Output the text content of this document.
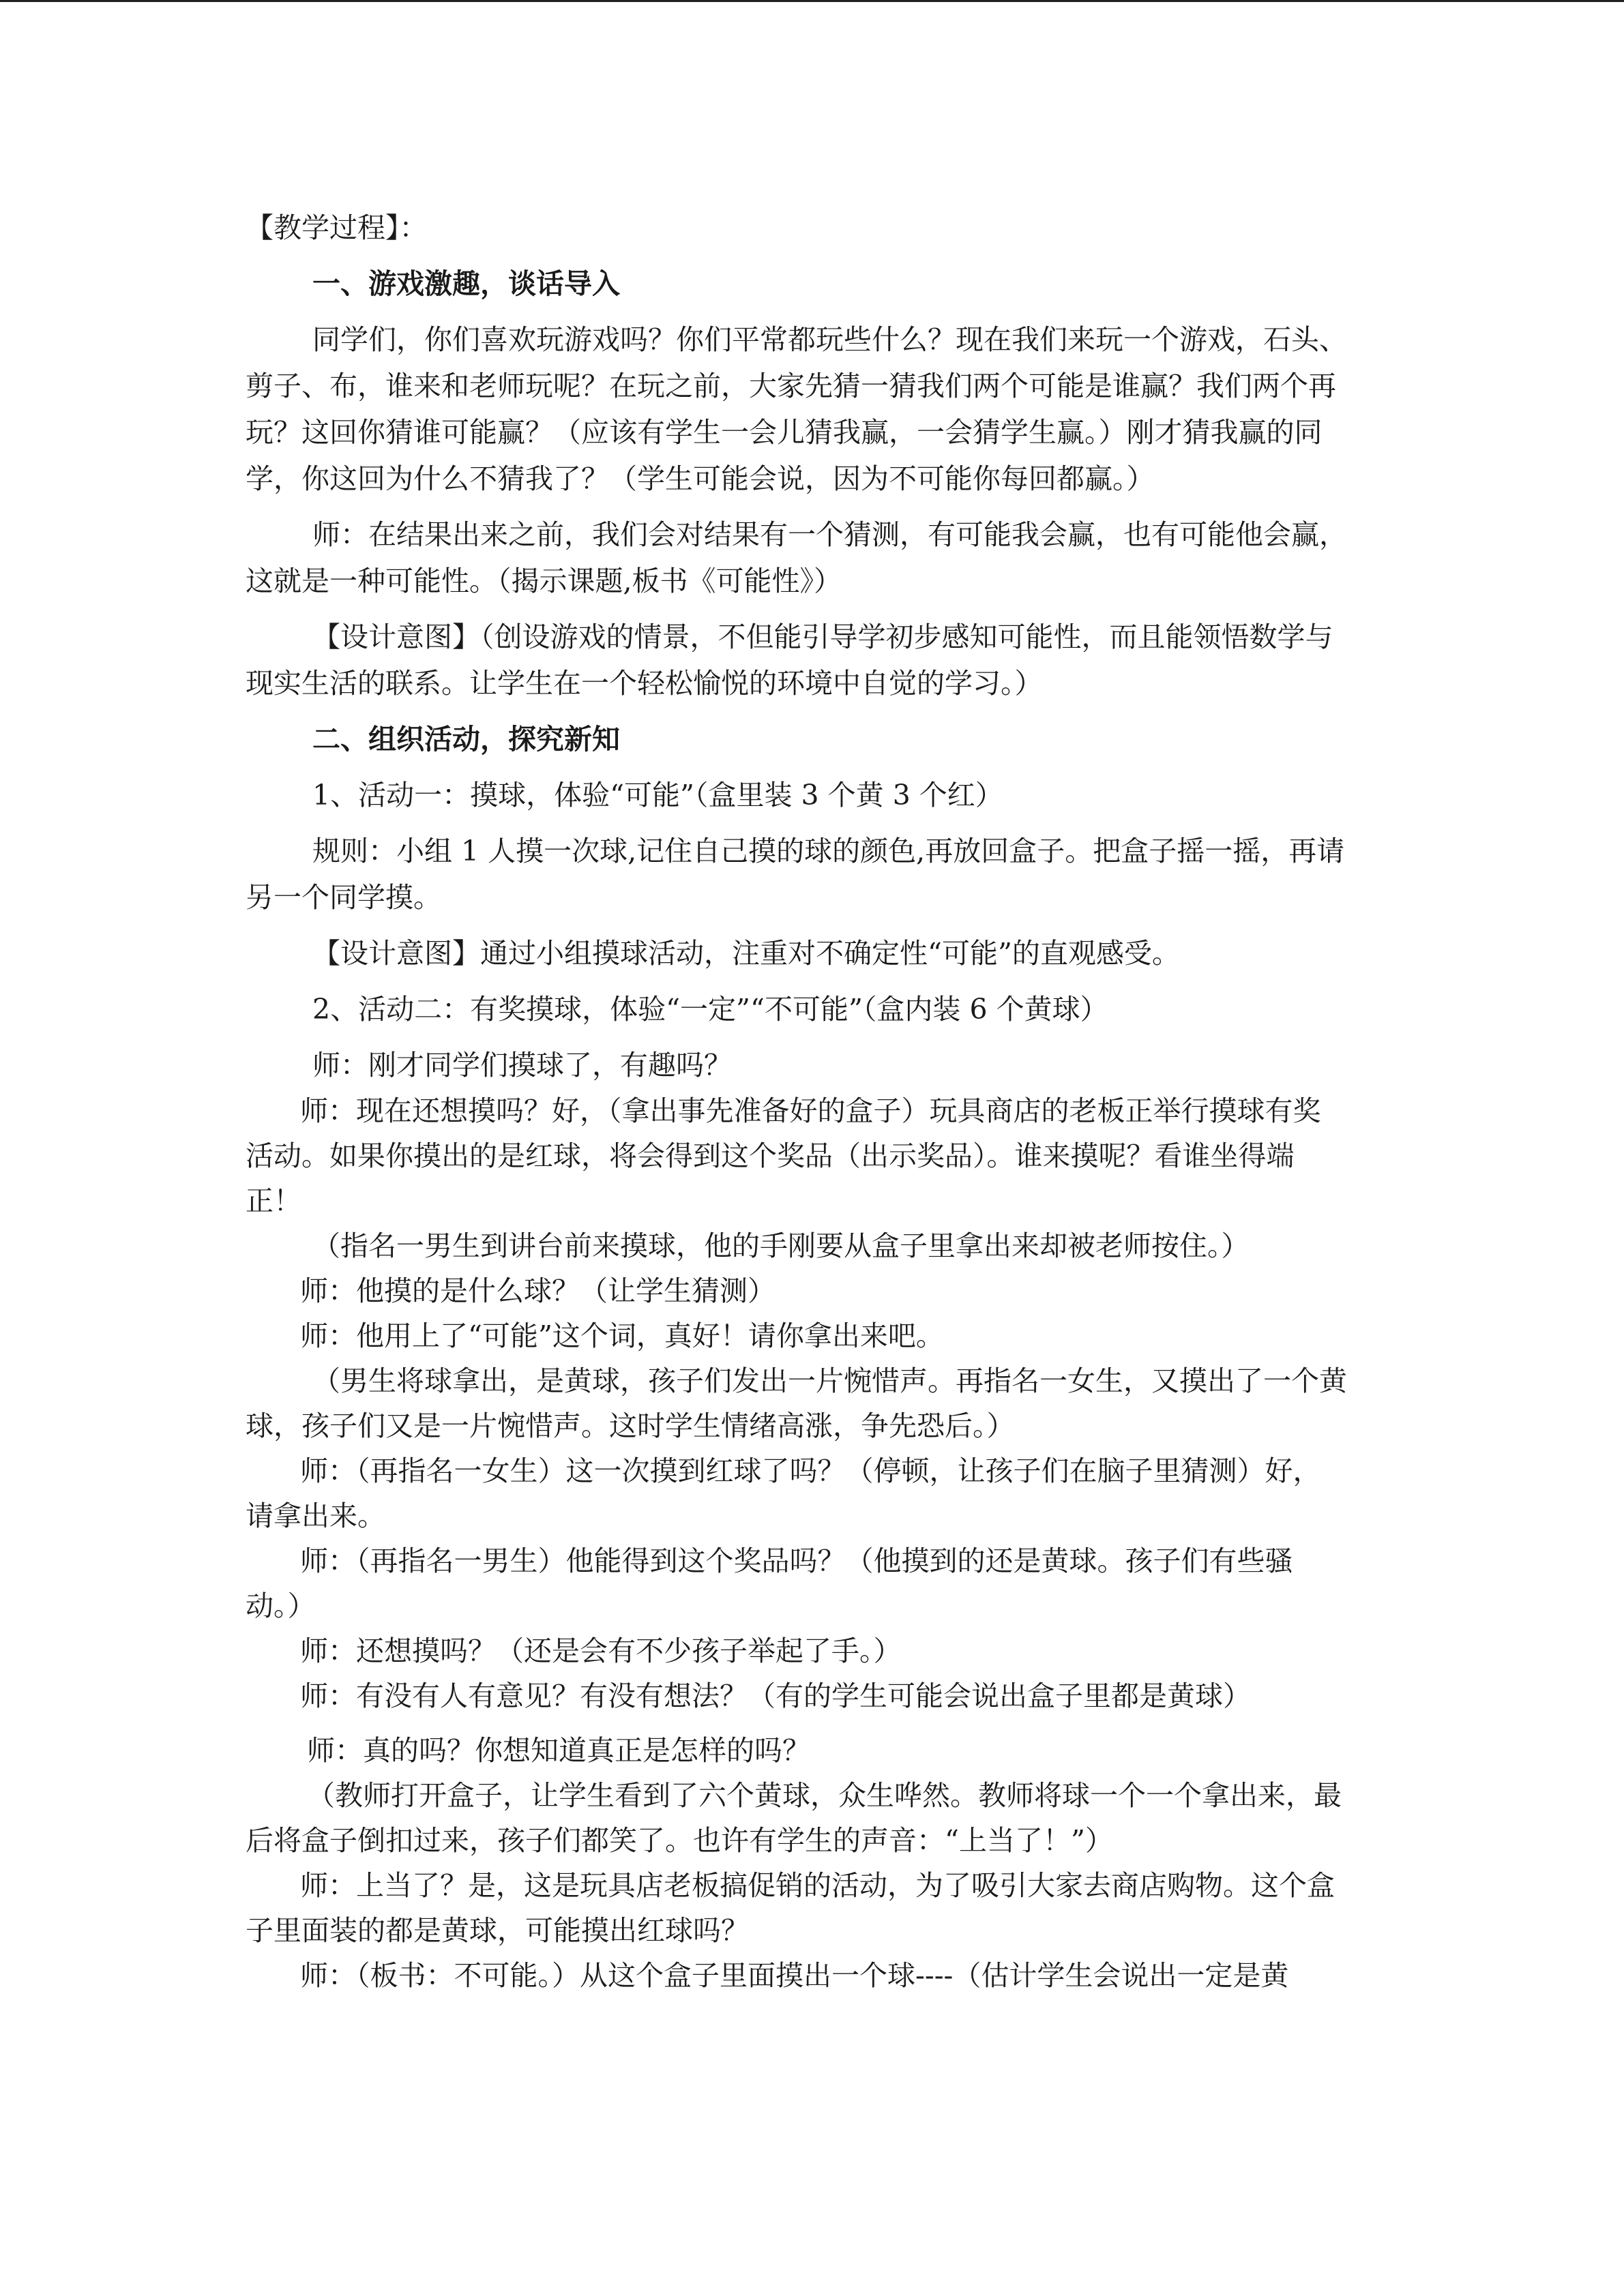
【教学过程】：
一、游戏激趣，谈话导入
同学们，你们喜欢玩游戏吗？你们平常都玩些什么？现在我们来玩一个游戏，石头、
剪子、布，谁来和老师玩呢？在玩之前，大家先猜一猜我们两个可能是谁赢？我们两个再
玩？这回你猜谁可能赢？（应该有学生一会儿猜我赢，一会猜学生赢。）刚才猜我赢的同
学，你这回为什么不猜我了？（学生可能会说，因为不可能你每回都赢。）
师：在结果出来之前，我们会对结果有一个猜测，有可能我会赢，也有可能他会赢，
这就是一种可能性。（揭示课题,板书《可能性》）
【设计意图】（创设游戏的情景，不但能引导学初步感知可能性，而且能领悟数学与
现实生活的联系。让学生在一个轻松愉悦的环境中自觉的学习。）
二、组织活动，探究新知
1、活动一：摸球，体验“可能”（盒里装 3 个黄 3 个红）
规则：小组 1 人摸一次球,记住自己摸的球的颜色,再放回盒子。把盒子摇一摇，再请
另一个同学摸。
【设计意图】通过小组摸球活动，注重对不确定性“可能”的直观感受。
2、活动二：有奖摸球，体验“一定”“不可能”（盒内装 6 个黄球）
师：刚才同学们摸球了，有趣吗？
师：现在还想摸吗？好，（拿出事先准备好的盒子）玩具商店的老板正举行摸球有奖
活动。如果你摸出的是红球，将会得到这个奖品（出示奖品）。谁来摸呢？看谁坐得端
正！
（指名一男生到讲台前来摸球，他的手刚要从盒子里拿出来却被老师按住。）
师：他摸的是什么球？（让学生猜测）
师：他用上了“可能”这个词，真好！请你拿出来吧。
（男生将球拿出，是黄球，孩子们发出一片惋惜声。再指名一女生，又摸出了一个黄
球，孩子们又是一片惋惜声。这时学生情绪高涨，争先恐后。）
师：（再指名一女生）这一次摸到红球了吗？（停顿，让孩子们在脑子里猜测）好，
请拿出来。
师：（再指名一男生）他能得到这个奖品吗？（他摸到的还是黄球。孩子们有些骚
动。）
师：还想摸吗？（还是会有不少孩子举起了手。）
师：有没有人有意见？有没有想法？（有的学生可能会说出盒子里都是黄球）
师：真的吗？你想知道真正是怎样的吗？
（教师打开盒子，让学生看到了六个黄球，众生哗然。教师将球一个一个拿出来，最
后将盒子倒扣过来，孩子们都笑了。也许有学生的声音：“上当了！”）
师：上当了？是，这是玩具店老板搞促销的活动，为了吸引大家去商店购物。这个盒
子里面装的都是黄球，可能摸出红球吗？
师：（板书：不可能。）从这个盒子里面摸出一个球----（估计学生会说出一定是黄
